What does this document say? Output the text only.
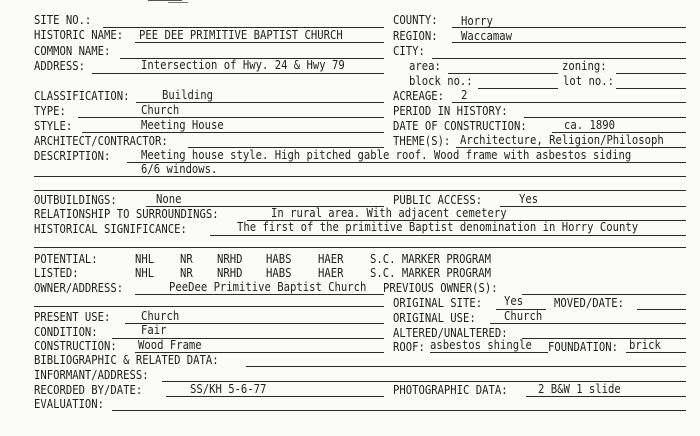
SITE NO.:
HISTORIC NAME: PEE DEE PRIMITIVE BAPTIST CHURCH
COMMON NAME:
ADDRESS:	Intersection of Hwy. 24 & Hwy 79
CLASSIFICATION:	Building
TYPE:	Church
STYLE:	Meeting House
ARCHITECT/CONTRACTOR:
COUNTY: Horry
REGION: Waccamaw
CITY:
area:	zoning:
block no.:	lot no.:
ACREAGE: 2
PERIOD IN HISTORY:
DATE OF CONSTRUCTION:	ca. 1890
THEME(S): Architecture, Religion/Philosoph
DESCRIPTION: Meeting house style. High pitched gable roof. Wood frame with asbestos siding
6/6 windows.
OUTBUILDINGS:	None	PUBLIC ACCESS:	Yes
RELATIONSHIP TO SURROUNDINGS:	In rural area. With adjacent cemetery
HISTORICAL SIGNIFICANCE:	The first of the primitive Baptist denomination in Horry County
POTENTIAL:	NHL NR NRHD HABS HAER S.C. MARKER PROGRAM
LISTED:	NHL NR NRHD HABS HAER S.C. MARKER PROGRAM
OWNER/ADDRESS:	PeeDee Primitive Baptist Church PREVIOUS OWNER(S):
ORIGINAL SITE: Yes	MOVED/DATE:
PRESENT USE: Church	ORIGINAL USE: Church
CONDITION:	Fair	ALTERED/UNALTERED:
CONSTRUCTION: Wood Frame	ROOF: asbestos shingle FOUNDATION: brick
BIBLIOGRAPHIC & RELATED DATA:
INFORMANT/ADDRESS:
RECORDED BY/DATE:	SS/KH 5-6-77	PHOTOGRAPHIC DATA: 2 B&W 1 slide
EVALUATION:
